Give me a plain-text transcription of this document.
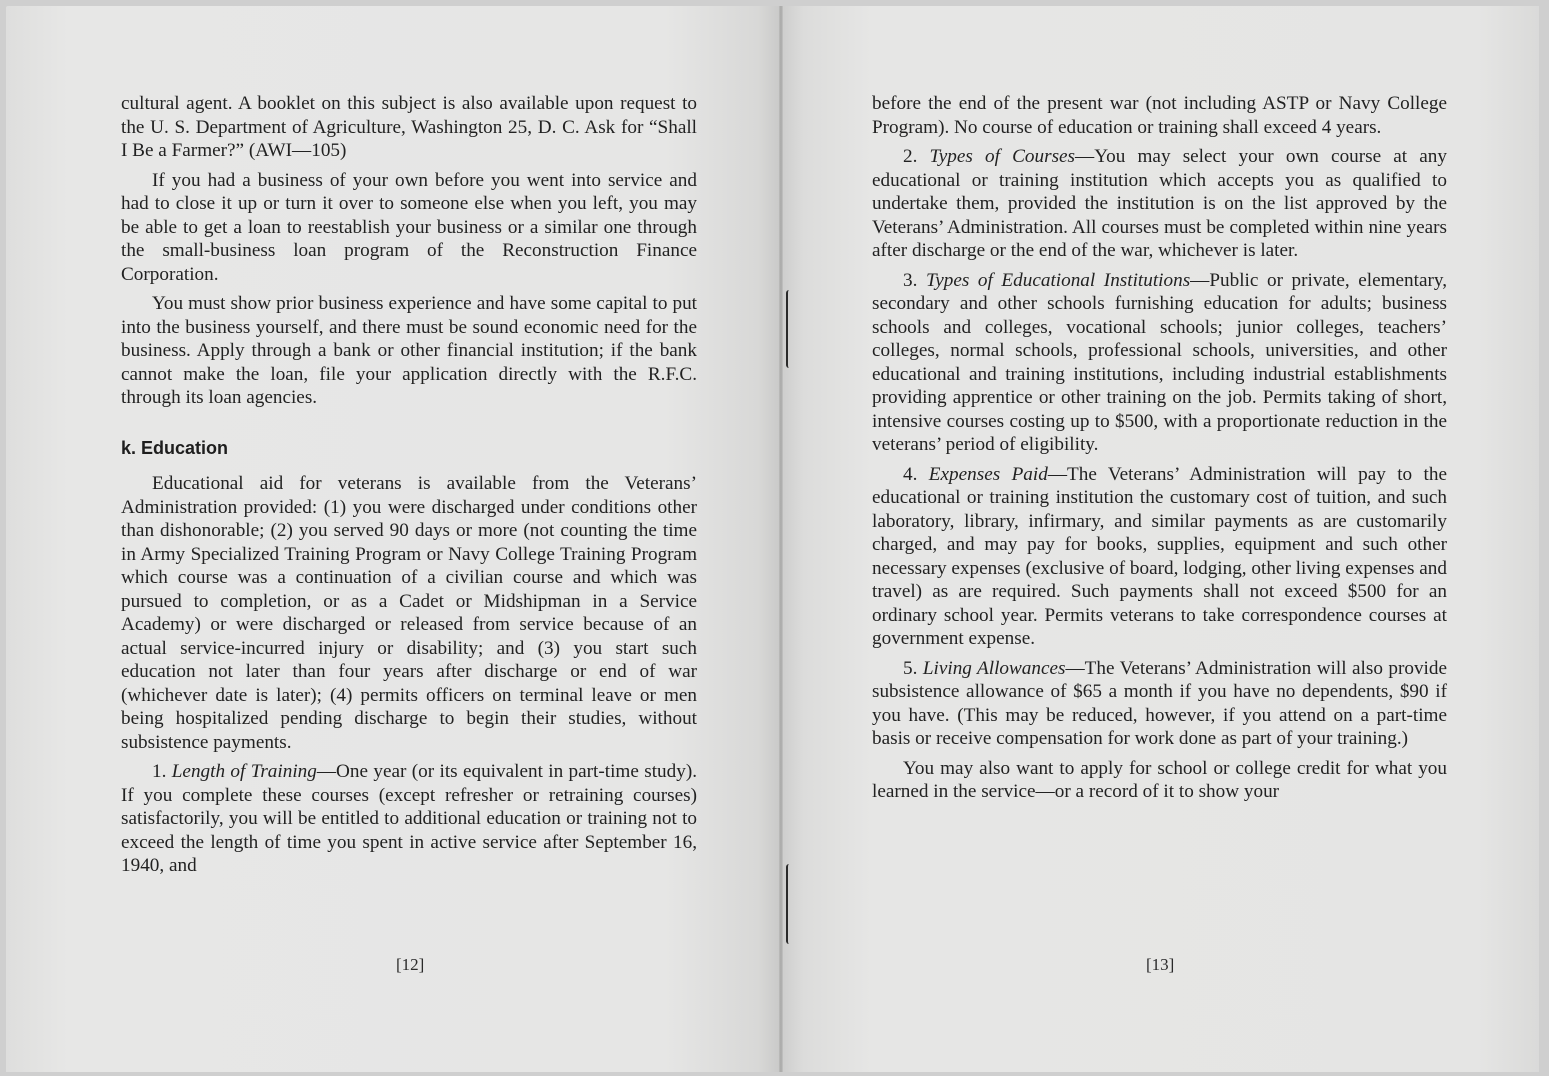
cultural agent. A booklet on this subject is also available upon request to the U. S. Department of Agriculture, Washington 25, D. C. Ask for “Shall I Be a Farmer?” (AWI—105)

If you had a business of your own before you went into service and had to close it up or turn it over to someone else when you left, you may be able to get a loan to reestablish your business or a similar one through the small-business loan program of the Reconstruction Finance Corporation.

You must show prior business experience and have some capital to put into the business yourself, and there must be sound economic need for the business. Apply through a bank or other financial institution; if the bank cannot make the loan, file your application directly with the R.F.C. through its loan agencies.

k. Education

Educational aid for veterans is available from the Veterans’ Administration provided: (1) you were discharged under conditions other than dishonorable; (2) you served 90 days or more (not counting the time in Army Specialized Training Program or Navy College Training Program which course was a continuation of a civilian course and which was pursued to completion, or as a Cadet or Midshipman in a Service Academy) or were discharged or released from service because of an actual service-incurred injury or disability; and (3) you start such education not later than four years after discharge or end of war (whichever date is later); (4) permits officers on terminal leave or men being hospitalized pending discharge to begin their studies, without subsistence payments.

1. Length of Training—One year (or its equivalent in part-time study). If you complete these courses (except refresher or retraining courses) satisfactorily, you will be entitled to additional education or training not to exceed the length of time you spent in active service after September 16, 1940, and

before the end of the present war (not including ASTP or Navy College Program). No course of education or training shall exceed 4 years.

2. Types of Courses—You may select your own course at any educational or training institution which accepts you as qualified to undertake them, provided the institution is on the list approved by the Veterans’ Administration. All courses must be completed within nine years after discharge or the end of the war, whichever is later.

3. Types of Educational Institutions—Public or private, elementary, secondary and other schools furnishing education for adults; business schools and colleges, vocational schools; junior colleges, teachers’ colleges, normal schools, professional schools, universities, and other educational and training institutions, including industrial establishments providing apprentice or other training on the job. Permits taking of short, intensive courses costing up to $500, with a proportionate reduction in the veterans’ period of eligibility.

4. Expenses Paid—The Veterans’ Administration will pay to the educational or training institution the customary cost of tuition, and such laboratory, library, infirmary, and similar payments as are customarily charged, and may pay for books, supplies, equipment and such other necessary expenses (exclusive of board, lodging, other living expenses and travel) as are required. Such payments shall not exceed $500 for an ordinary school year. Permits veterans to take correspondence courses at government expense.

5. Living Allowances—The Veterans’ Administration will also provide subsistence allowance of $65 a month if you have no dependents, $90 if you have. (This may be reduced, however, if you attend on a part-time basis or receive compensation for work done as part of your training.)

You may also want to apply for school or college credit for what you learned in the service—or a record of it to show your

[12]	[13]
